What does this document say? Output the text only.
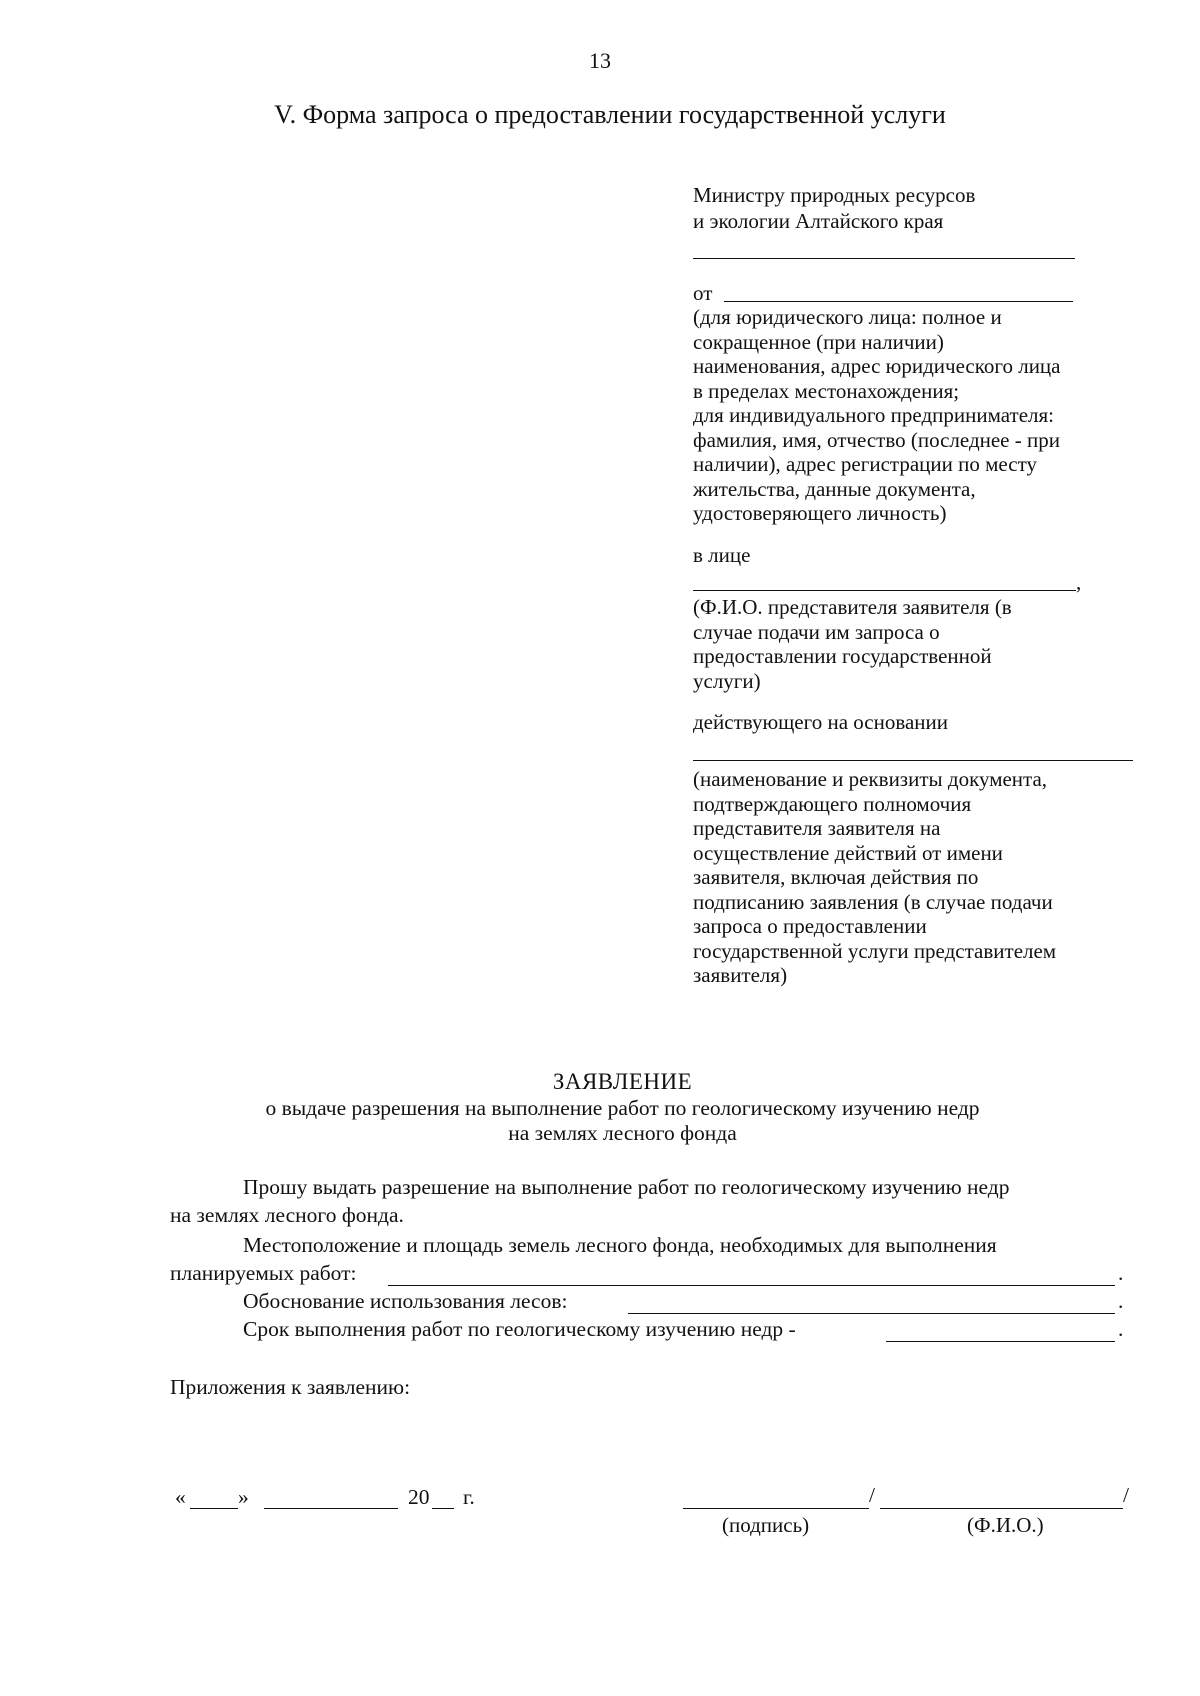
13
V. Форма запроса о предоставлении государственной услуги
Министру природных ресурсов
и экологии Алтайского края
от
(для юридического лица: полное и
сокращенное (при наличии)
наименования, адрес юридического лица
в пределах местонахождения;
для индивидуального предпринимателя:
фамилия, имя, отчество (последнее - при
наличии), адрес регистрации по месту
жительства, данные документа,
удостоверяющего личность)
в лице
,
(Ф.И.О. представителя заявителя (в
случае подачи им запроса о
предоставлении государственной
услуги)
действующего на основании
(наименование и реквизиты документа,
подтверждающего полномочия
представителя заявителя на
осуществление действий от имени
заявителя, включая действия по
подписанию заявления (в случае подачи
запроса о предоставлении
государственной услуги представителем
заявителя)
ЗАЯВЛЕНИЕ
о выдаче разрешения на выполнение работ по геологическому изучению недр
на землях лесного фонда
Прошу выдать разрешение на выполнение работ по геологическому изучению недр
на землях лесного фонда.
Местоположение и площадь земель лесного фонда, необходимых для выполнения
планируемых работ:	.
Обоснование использования лесов:	.
Срок выполнения работ по геологическому изучению недр -	.
Приложения к заявлению:
« »	20 г.	/	/
(подпись)	(Ф.И.О.)
